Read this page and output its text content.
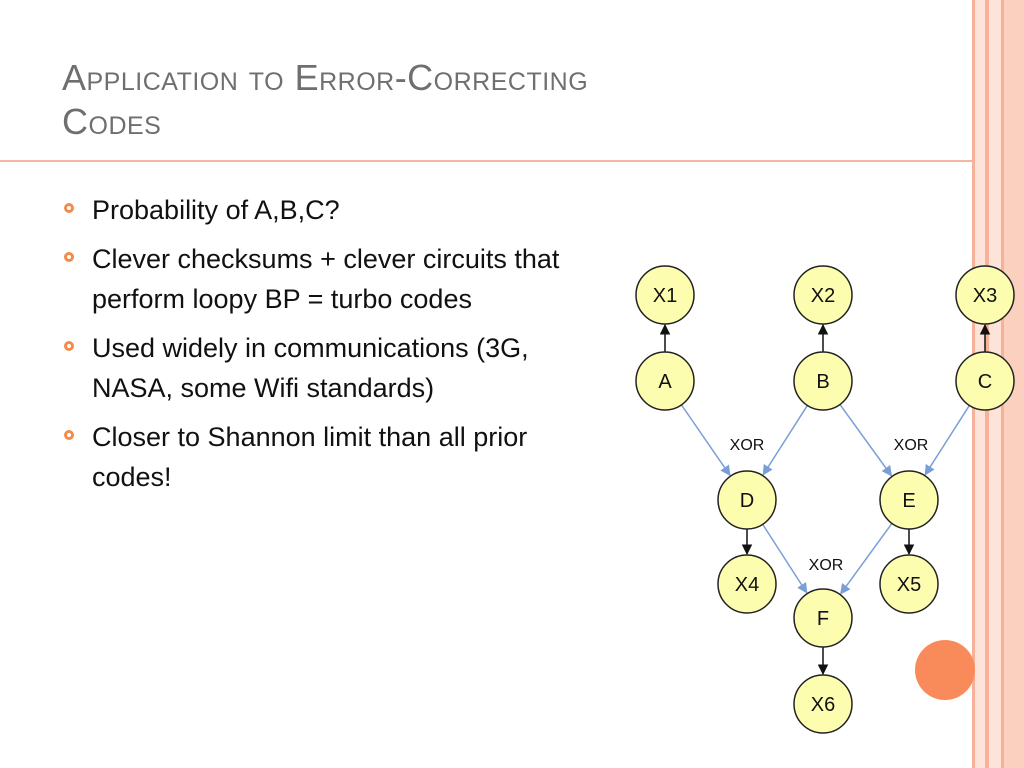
Application to Error-Correcting
Codes
Probability of A,B,C?
Clever checksums + clever circuits that perform loopy BP = turbo codes
Used widely in communications (3G, NASA, some Wifi standards)
Closer to Shannon limit than all prior codes!
XOR	XOR
XOR
X1	X2	X3
A	B	C
D	E
X4	X5
F
X6
